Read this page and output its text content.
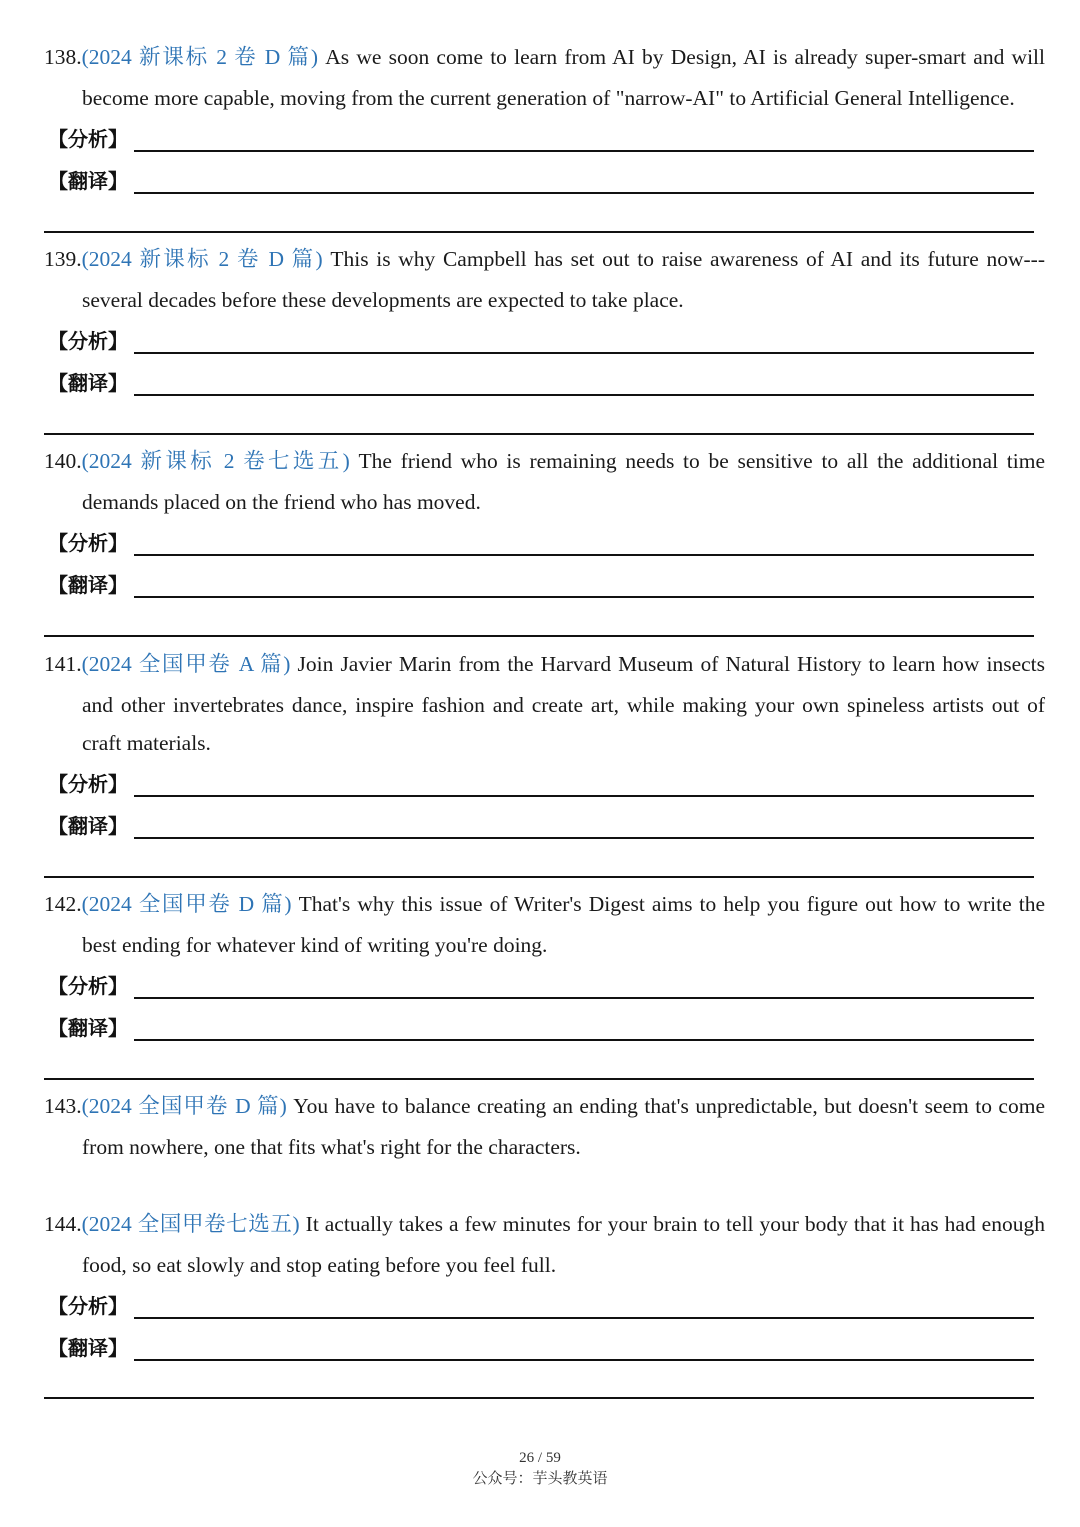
138.(2024 新课标 2 卷 D 篇) As we soon come to learn from AI by Design, AI is already super-smart and will
become more capable, moving from the current generation of "narrow-AI" to Artificial General Intelligence.
【分析】
【翻译】
139.(2024 新课标 2 卷 D 篇) This is why Campbell has set out to raise awareness of AI and its future now---
several decades before these developments are expected to take place.
【分析】
【翻译】
140.(2024 新课标 2 卷七选五) The friend who is remaining needs to be sensitive to all the additional time
demands placed on the friend who has moved.
【分析】
【翻译】
141.(2024 全国甲卷 A 篇) Join Javier Marin from the Harvard Museum of Natural History to learn how insects
and other invertebrates dance, inspire fashion and create art, while making your own spineless artists out of
craft materials.
【分析】
【翻译】
142.(2024 全国甲卷 D 篇) That's why this issue of Writer's Digest aims to help you figure out how to write the
best ending for whatever kind of writing you're doing.
【分析】
【翻译】
143.(2024 全国甲卷 D 篇) You have to balance creating an ending that's unpredictable, but doesn't seem to come
from nowhere, one that fits what's right for the characters.
144.(2024 全国甲卷七选五) It actually takes a few minutes for your brain to tell your body that it has had enough
food, so eat slowly and stop eating before you feel full.
【分析】
【翻译】
26 / 59
公众号：芋头教英语
